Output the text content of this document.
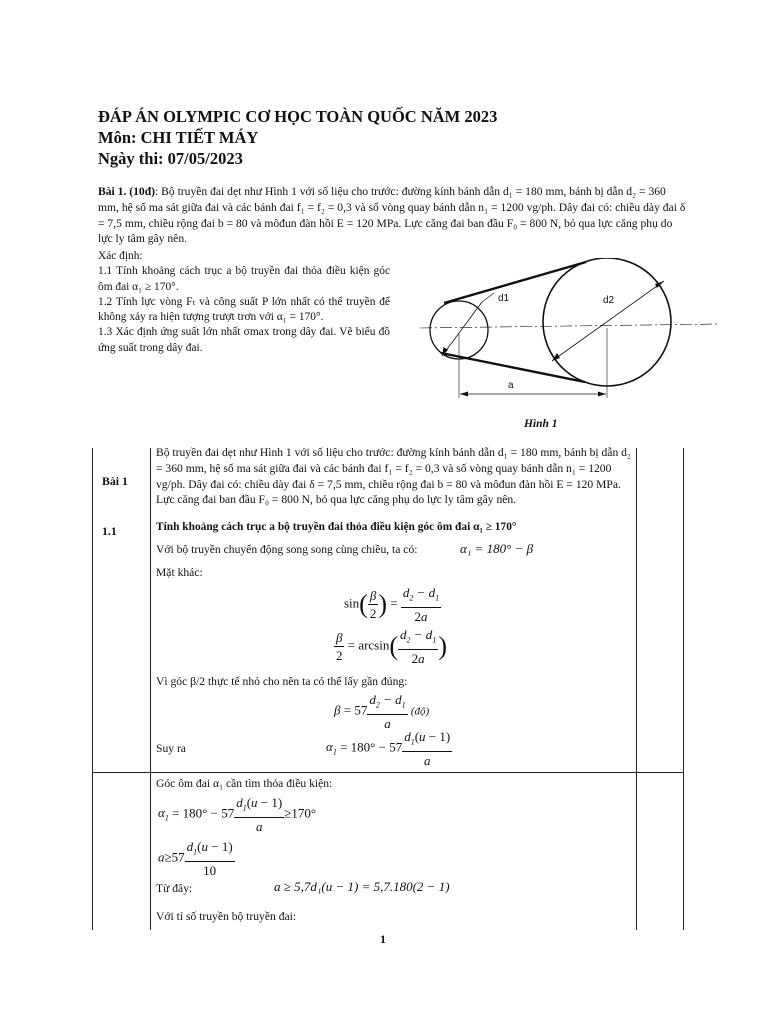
ĐÁP ÁN OLYMPIC CƠ HỌC TOÀN QUỐC NĂM 2023
Môn: CHI TIẾT MÁY
Ngày thi: 07/05/2023
Bài 1. (10đ): Bộ truyền đai dẹt như Hình 1 với số liệu cho trước: đường kính bánh dẫn d₁ = 180 mm, bánh bị dẫn d₂ = 360 mm, hệ số ma sát giữa đai và các bánh đai f₁ = f₂ = 0,3 và số vòng quay bánh dẫn n₁ = 1200 vg/ph. Dây đai có: chiều dày đai δ = 7,5 mm, chiều rộng đai b = 80 và môđun đàn hồi E = 120 MPa. Lực căng đai ban đầu F₀ = 800 N, bỏ qua lực căng phụ do lực ly tâm gây nên.

Xác định:

1.1 Tính khoảng cách trục a bộ truyền đai thỏa điều kiện góc ôm đai α₁ ≥ 170°.

1.2 Tính lực vòng Fₜ và công suất P lớn nhất có thể truyền để không xảy ra hiện tượng trượt trơn với α₁ = 170°.

1.3 Xác định ứng suất lớn nhất σmax trong dây đai. Vẽ biểu đồ ứng suất trong dây đai.

d1	d2
a
Hình 1
Bài 1
1.1
Bộ truyền đai dẹt như Hình 1 với số liệu cho trước: đường kính bánh dẫn d₁ = 180 mm, bánh bị dẫn d₂ = 360 mm, hệ số ma sát giữa đai và các bánh đai f₁ = f₂ = 0,3 và số vòng quay bánh dẫn n₁ = 1200 vg/ph. Dây đai có: chiều dày đai δ = 7,5 mm, chiều rộng đai b = 80 và môđun đàn hồi E = 120 MPa. Lực căng đai ban đầu F₀ = 800 N, bỏ qua lực căng phụ do lực ly tâm gây nên.
Tính khoảng cách trục a bộ truyền đai thỏa điều kiện góc ôm đai α₁ ≥ 170°
Với bộ truyền chuyển động song song cùng chiều, ta có:	α₁ = 180° − β
Mặt khác:
$\sin( \frac{\beta}{2}$ ) = $\frac{d_2 - d_1}{2a}$
$\frac{\beta}{2} = \arcsin( \frac{d_2 - d_1}{2a}$ )
Vì góc β/2 thực tế nhỏ cho nên ta có thể lấy gần đúng:
$\beta = 57 \frac{d_2 - d_1}{a}$ (độ)
Suy ra	$\alpha_1 = 180^\circ - 57 \frac{d_1(u - 1)}{a}$
Góc ôm đai α₁ cần tìm thỏa điều kiện:
$\alpha_1 = 180^\circ - 57 \frac{d_1(u - 1)}{a} \ge 170^\circ$
$a\ge 57 \frac{d_1(u - 1)}{10}$
Từ đây:	a ≥ 5,7d₁(u − 1) = 5,7.180(2 − 1)
Với tỉ số truyền bộ truyền đai:
1
